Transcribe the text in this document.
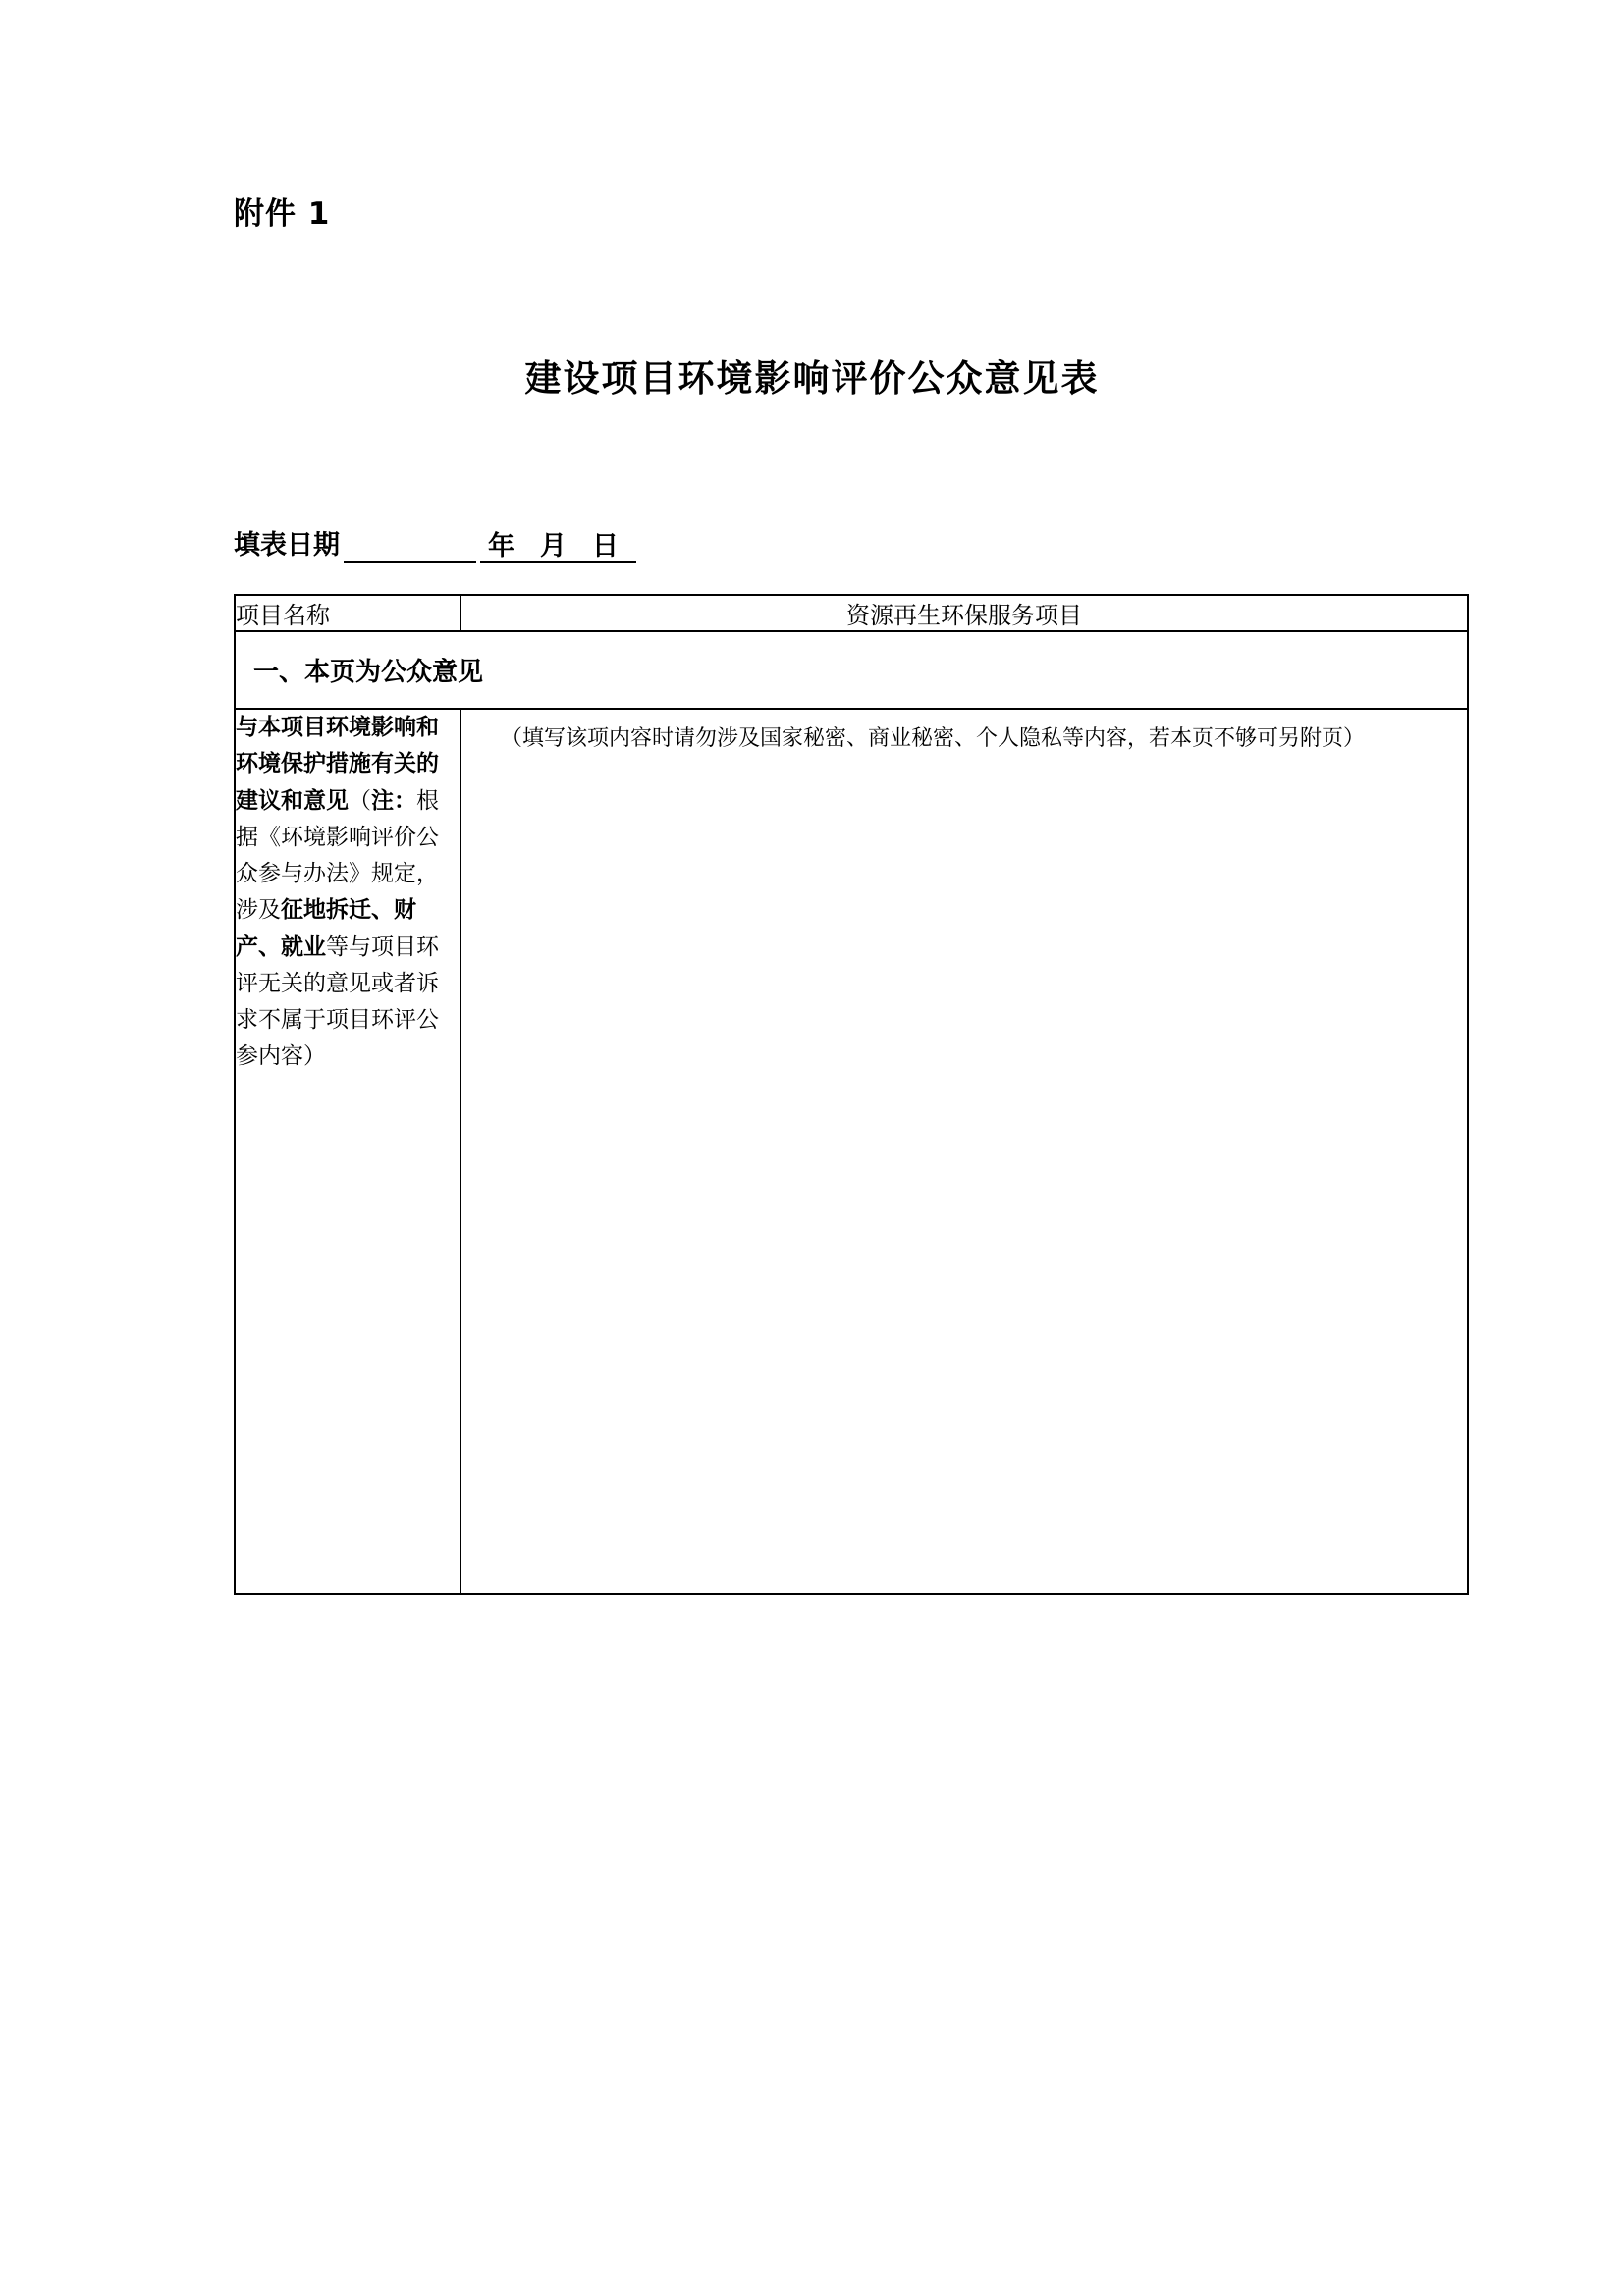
附件 1
建设项目环境影响评价公众意见表
填表日期	年 月 日
项目名称	资源再生环保服务项目
一、本页为公众意见	
与本项目环境影响和环境保护措施有关的建议和意见（注：根据《环境影响评价公众参与办法》规定，涉及征地拆迁、财产、就业等与项目环评无关的意见或者诉求不属于项目环评公参内容）	（填写该项内容时请勿涉及国家秘密、商业秘密、个人隐私等内容，若本页不够可另附页）
